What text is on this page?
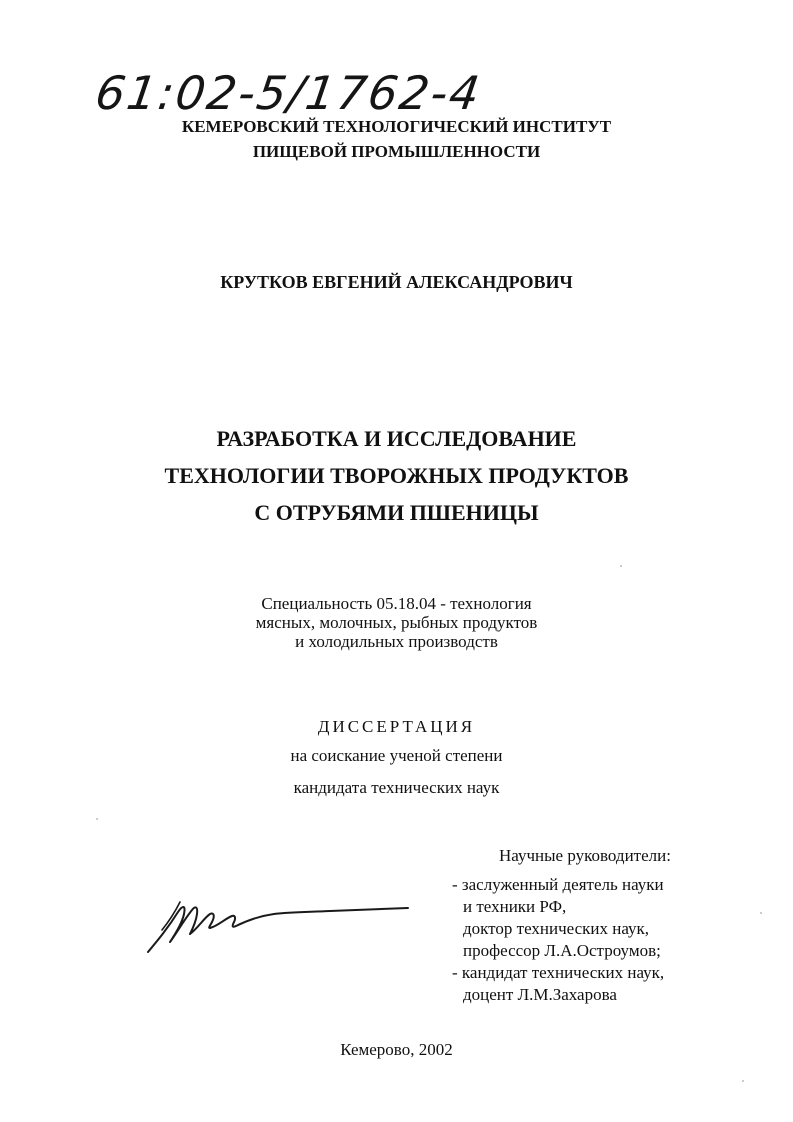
61:02-5/1762-4
КЕМЕРОВСКИЙ ТЕХНОЛОГИЧЕСКИЙ ИНСТИТУТ
ПИЩЕВОЙ ПРОМЫШЛЕННОСТИ
КРУТКОВ ЕВГЕНИЙ АЛЕКСАНДРОВИЧ
РАЗРАБОТКА И ИССЛЕДОВАНИЕ
ТЕХНОЛОГИИ ТВОРОЖНЫХ ПРОДУКТОВ
С ОТРУБЯМИ ПШЕНИЦЫ
Специальность 05.18.04 - технология
мясных, молочных, рыбных продуктов
и холодильных производств
ДИССЕРТАЦИЯ
на соискание ученой степени
кандидата технических наук
Научные руководители:
- заслуженный деятель науки
и техники РФ,
доктор технических наук,
профессор Л.А.Остроумов;
- кандидат технических наук,
доцент Л.М.Захарова
Кемерово, 2002
